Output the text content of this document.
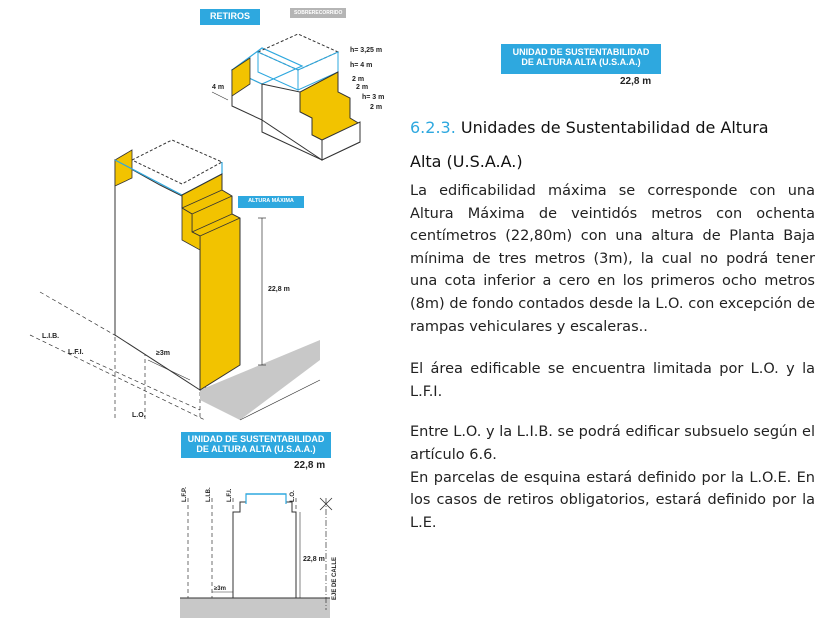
RETIROS	SOBRERECORRIDO
h= 3,25 m
h= 4 m
2 m
2 m
h= 3 m
2 m
4 m
ALTURA MÁXIMA
22,8 m
≥3m
L.I.B.
L.F.I.
L.O.
UNIDAD DE SUSTENTABILIDAD
DE ALTURA ALTA (U.S.A.A.)
22,8 m
UNIDAD DE SUSTENTABILIDAD
DE ALTURA ALTA (U.S.A.A.)
22,8 m
22,8 m
≥3m
L.F.P.	L.I.B.	L.F.I.	L.O.
EJE DE CALLE
6.2.3. Unidades de Sustentabilidad de Altura
Alta (U.S.A.A.)

La edificabilidad máxima se corresponde con una Altura Máxima de veintidós metros con ochenta centímetros (22,80m) con una altura de Planta Baja mínima de tres metros (3m), la cual no podrá tener una cota inferior a cero en los primeros ocho metros (8m) de fondo contados desde la L.O. con excepción de rampas vehiculares y escaleras..

El área edificable se encuentra limitada por L.O. y la L.F.I.

Entre L.O. y la L.I.B. se podrá edificar subsuelo según el artículo 6.6.

En parcelas de esquina estará definido por la L.O.E. En los casos de retiros obligatorios, estará definido por la L.E.
